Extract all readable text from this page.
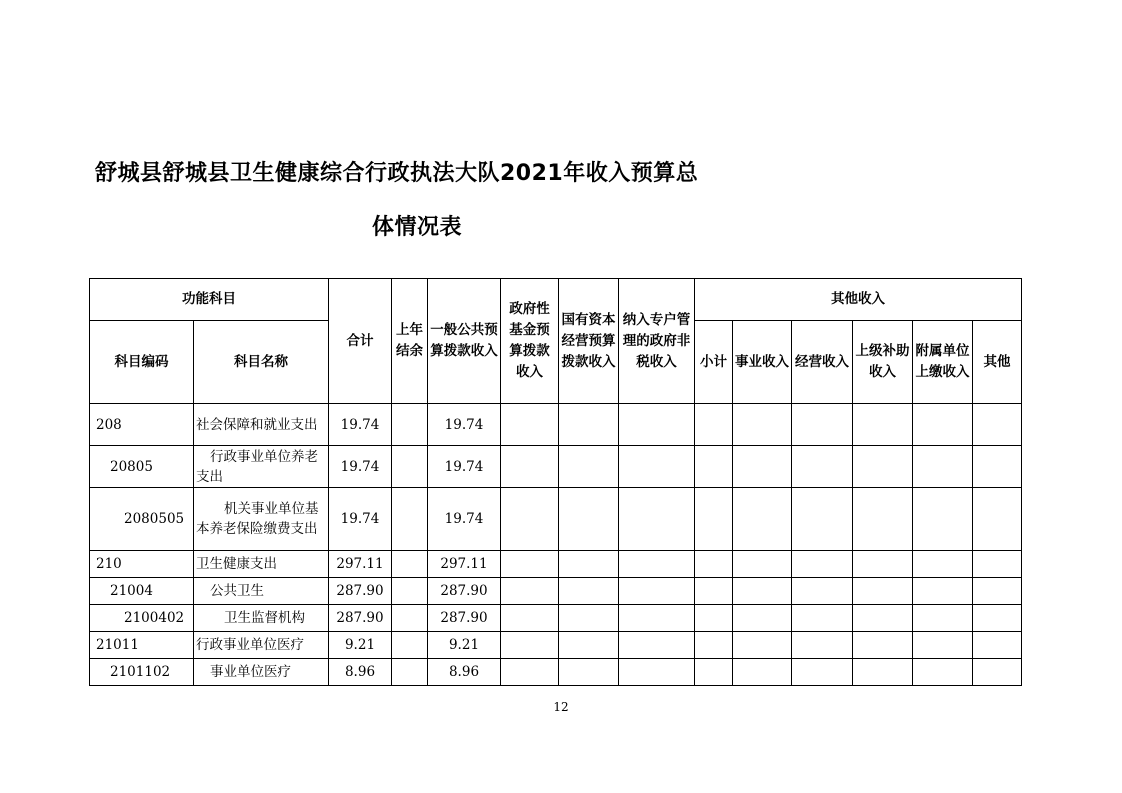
舒城县舒城县卫生健康综合行政执法大队2021年收入预算总
体情况表
功能科目		合计	上年结余	一般公共预算拨款收入	政府性基金预算拨款收入	国有资本经营预算拨款收入	纳入专户管理的政府非税收入	其他收入					
科目编码	科目名称							小计	事业收入	经营收入	上级补助收入	附属单位上缴收入	其他
208	社会保障和就业支出	19.74		19.74									
20805	行政事业单位养老支出	19.74		19.74									
2080505	机关事业单位基本养老保险缴费支出	19.74		19.74									
210	卫生健康支出	297.11		297.11									
21004	公共卫生	287.90		287.90									
2100402	卫生监督机构	287.90		287.90									
21011	行政事业单位医疗	9.21		9.21									
2101102	事业单位医疗	8.96		8.96									
12
